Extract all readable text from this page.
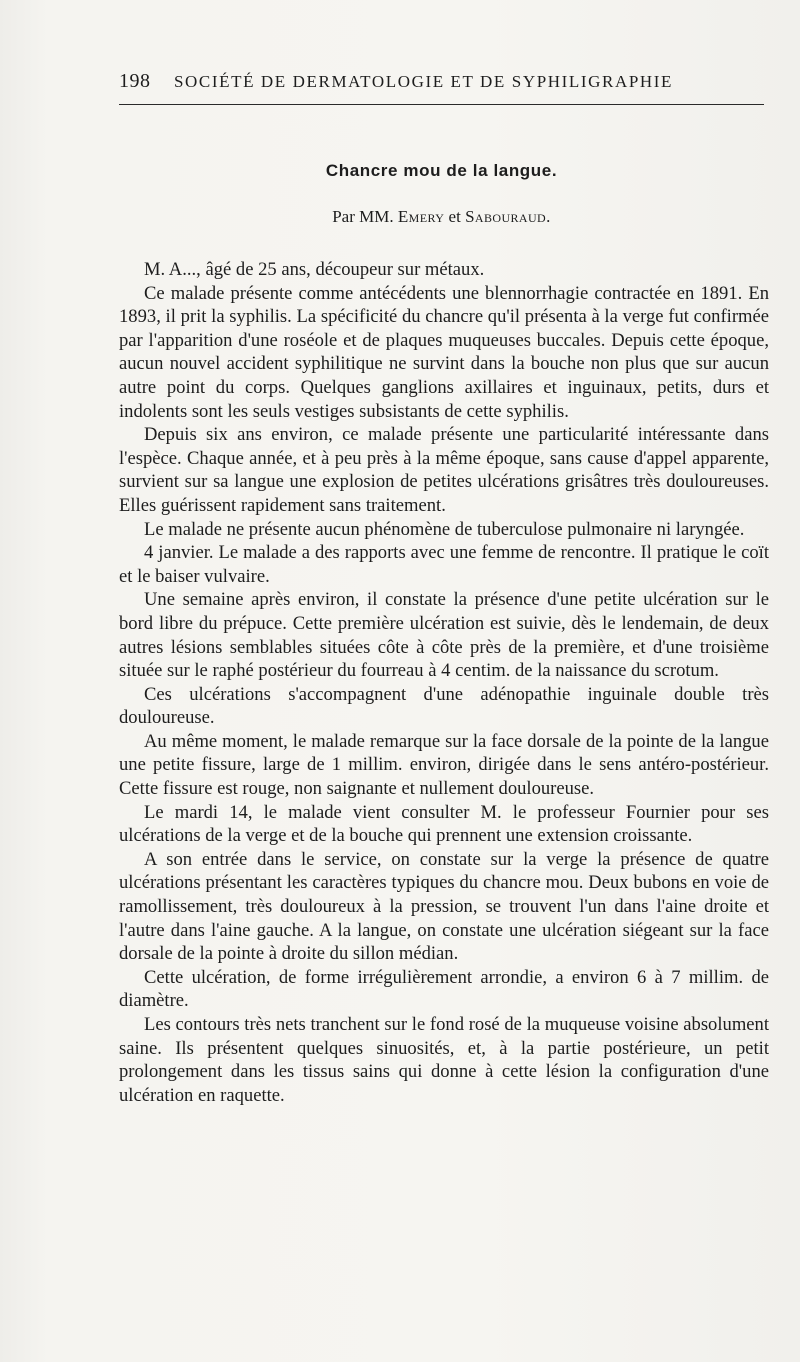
198 SOCIÉTÉ DE DERMATOLOGIE ET DE SYPHILIGRAPHIE
Chancre mou de la langue.
Par MM. Emery et Sabouraud.

M. A..., âgé de 25 ans, découpeur sur métaux.

Ce malade présente comme antécédents une blennorrhagie contractée en 1891. En 1893, il prit la syphilis. La spécificité du chancre qu'il présenta à la verge fut confirmée par l'apparition d'une roséole et de plaques muqueuses buccales. Depuis cette époque, aucun nouvel accident syphilitique ne survint dans la bouche non plus que sur aucun autre point du corps. Quelques ganglions axillaires et inguinaux, petits, durs et indolents sont les seuls vestiges subsistants de cette syphilis.

Depuis six ans environ, ce malade présente une particularité intéressante dans l'espèce. Chaque année, et à peu près à la même époque, sans cause d'appel apparente, survient sur sa langue une explosion de petites ulcérations grisâtres très douloureuses. Elles guérissent rapidement sans traitement.

Le malade ne présente aucun phénomène de tuberculose pulmonaire ni laryngée.

4 janvier. Le malade a des rapports avec une femme de rencontre. Il pratique le coït et le baiser vulvaire.

Une semaine après environ, il constate la présence d'une petite ulcération sur le bord libre du prépuce. Cette première ulcération est suivie, dès le lendemain, de deux autres lésions semblables situées côte à côte près de la première, et d'une troisième située sur le raphé postérieur du fourreau à 4 centim. de la naissance du scrotum.

Ces ulcérations s'accompagnent d'une adénopathie inguinale double très douloureuse.

Au même moment, le malade remarque sur la face dorsale de la pointe de la langue une petite fissure, large de 1 millim. environ, dirigée dans le sens antéro-postérieur. Cette fissure est rouge, non saignante et nullement douloureuse.

Le mardi 14, le malade vient consulter M. le professeur Fournier pour ses ulcérations de la verge et de la bouche qui prennent une extension croissante.

A son entrée dans le service, on constate sur la verge la présence de quatre ulcérations présentant les caractères typiques du chancre mou. Deux bubons en voie de ramollissement, très douloureux à la pression, se trouvent l'un dans l'aine droite et l'autre dans l'aine gauche. A la langue, on constate une ulcération siégeant sur la face dorsale de la pointe à droite du sillon médian.

Cette ulcération, de forme irrégulièrement arrondie, a environ 6 à 7 millim. de diamètre.

Les contours très nets tranchent sur le fond rosé de la muqueuse voisine absolument saine. Ils présentent quelques sinuosités, et, à la partie postérieure, un petit prolongement dans les tissus sains qui donne à cette lésion la configuration d'une ulcération en raquette.
